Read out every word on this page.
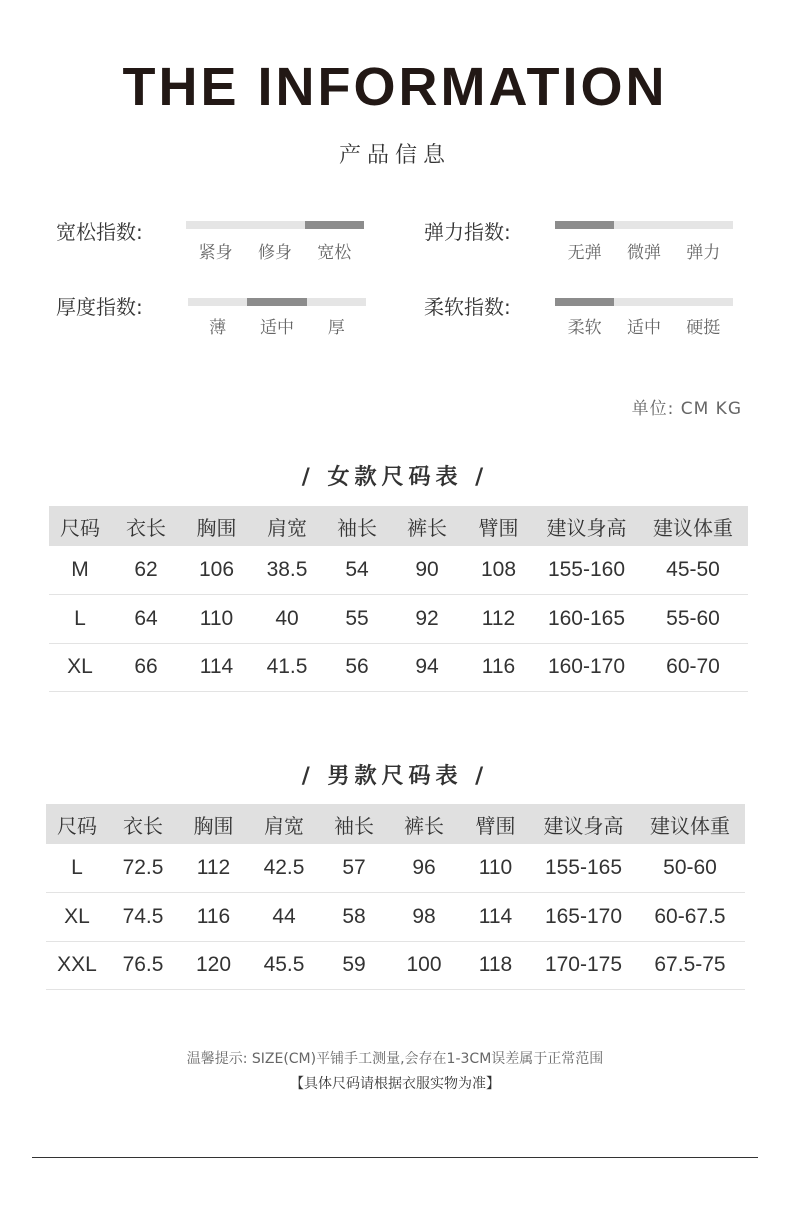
THE INFORMATION
产品信息
宽松指数:
紧身	修身	宽松
弹力指数:
无弹	微弹	弹力
厚度指数:
薄	适中	厚
柔软指数:
柔软	适中	硬挺
单位: CM KG
/ 女款尺码表 /
尺码	衣长	胸围	肩宽	袖长	裤长	臂围	建议身高	建议体重
M	62	106	38.5	54	90	108	155-160	45-50
L	64	110	40	55	92	112	160-165	55-60
XL	66	114	41.5	56	94	116	160-170	60-70
/ 男款尺码表 /
尺码	衣长	胸围	肩宽	袖长	裤长	臂围	建议身高	建议体重
L	72.5	112	42.5	57	96	110	155-165	50-60
XL	74.5	116	44	58	98	114	165-170	60-67.5
XXL	76.5	120	45.5	59	100	118	170-175	67.5-75
温馨提示: SIZE(CM)平铺手工测量,会存在1-3CM误差属于正常范围
【具体尺码请根据衣服实物为准】
